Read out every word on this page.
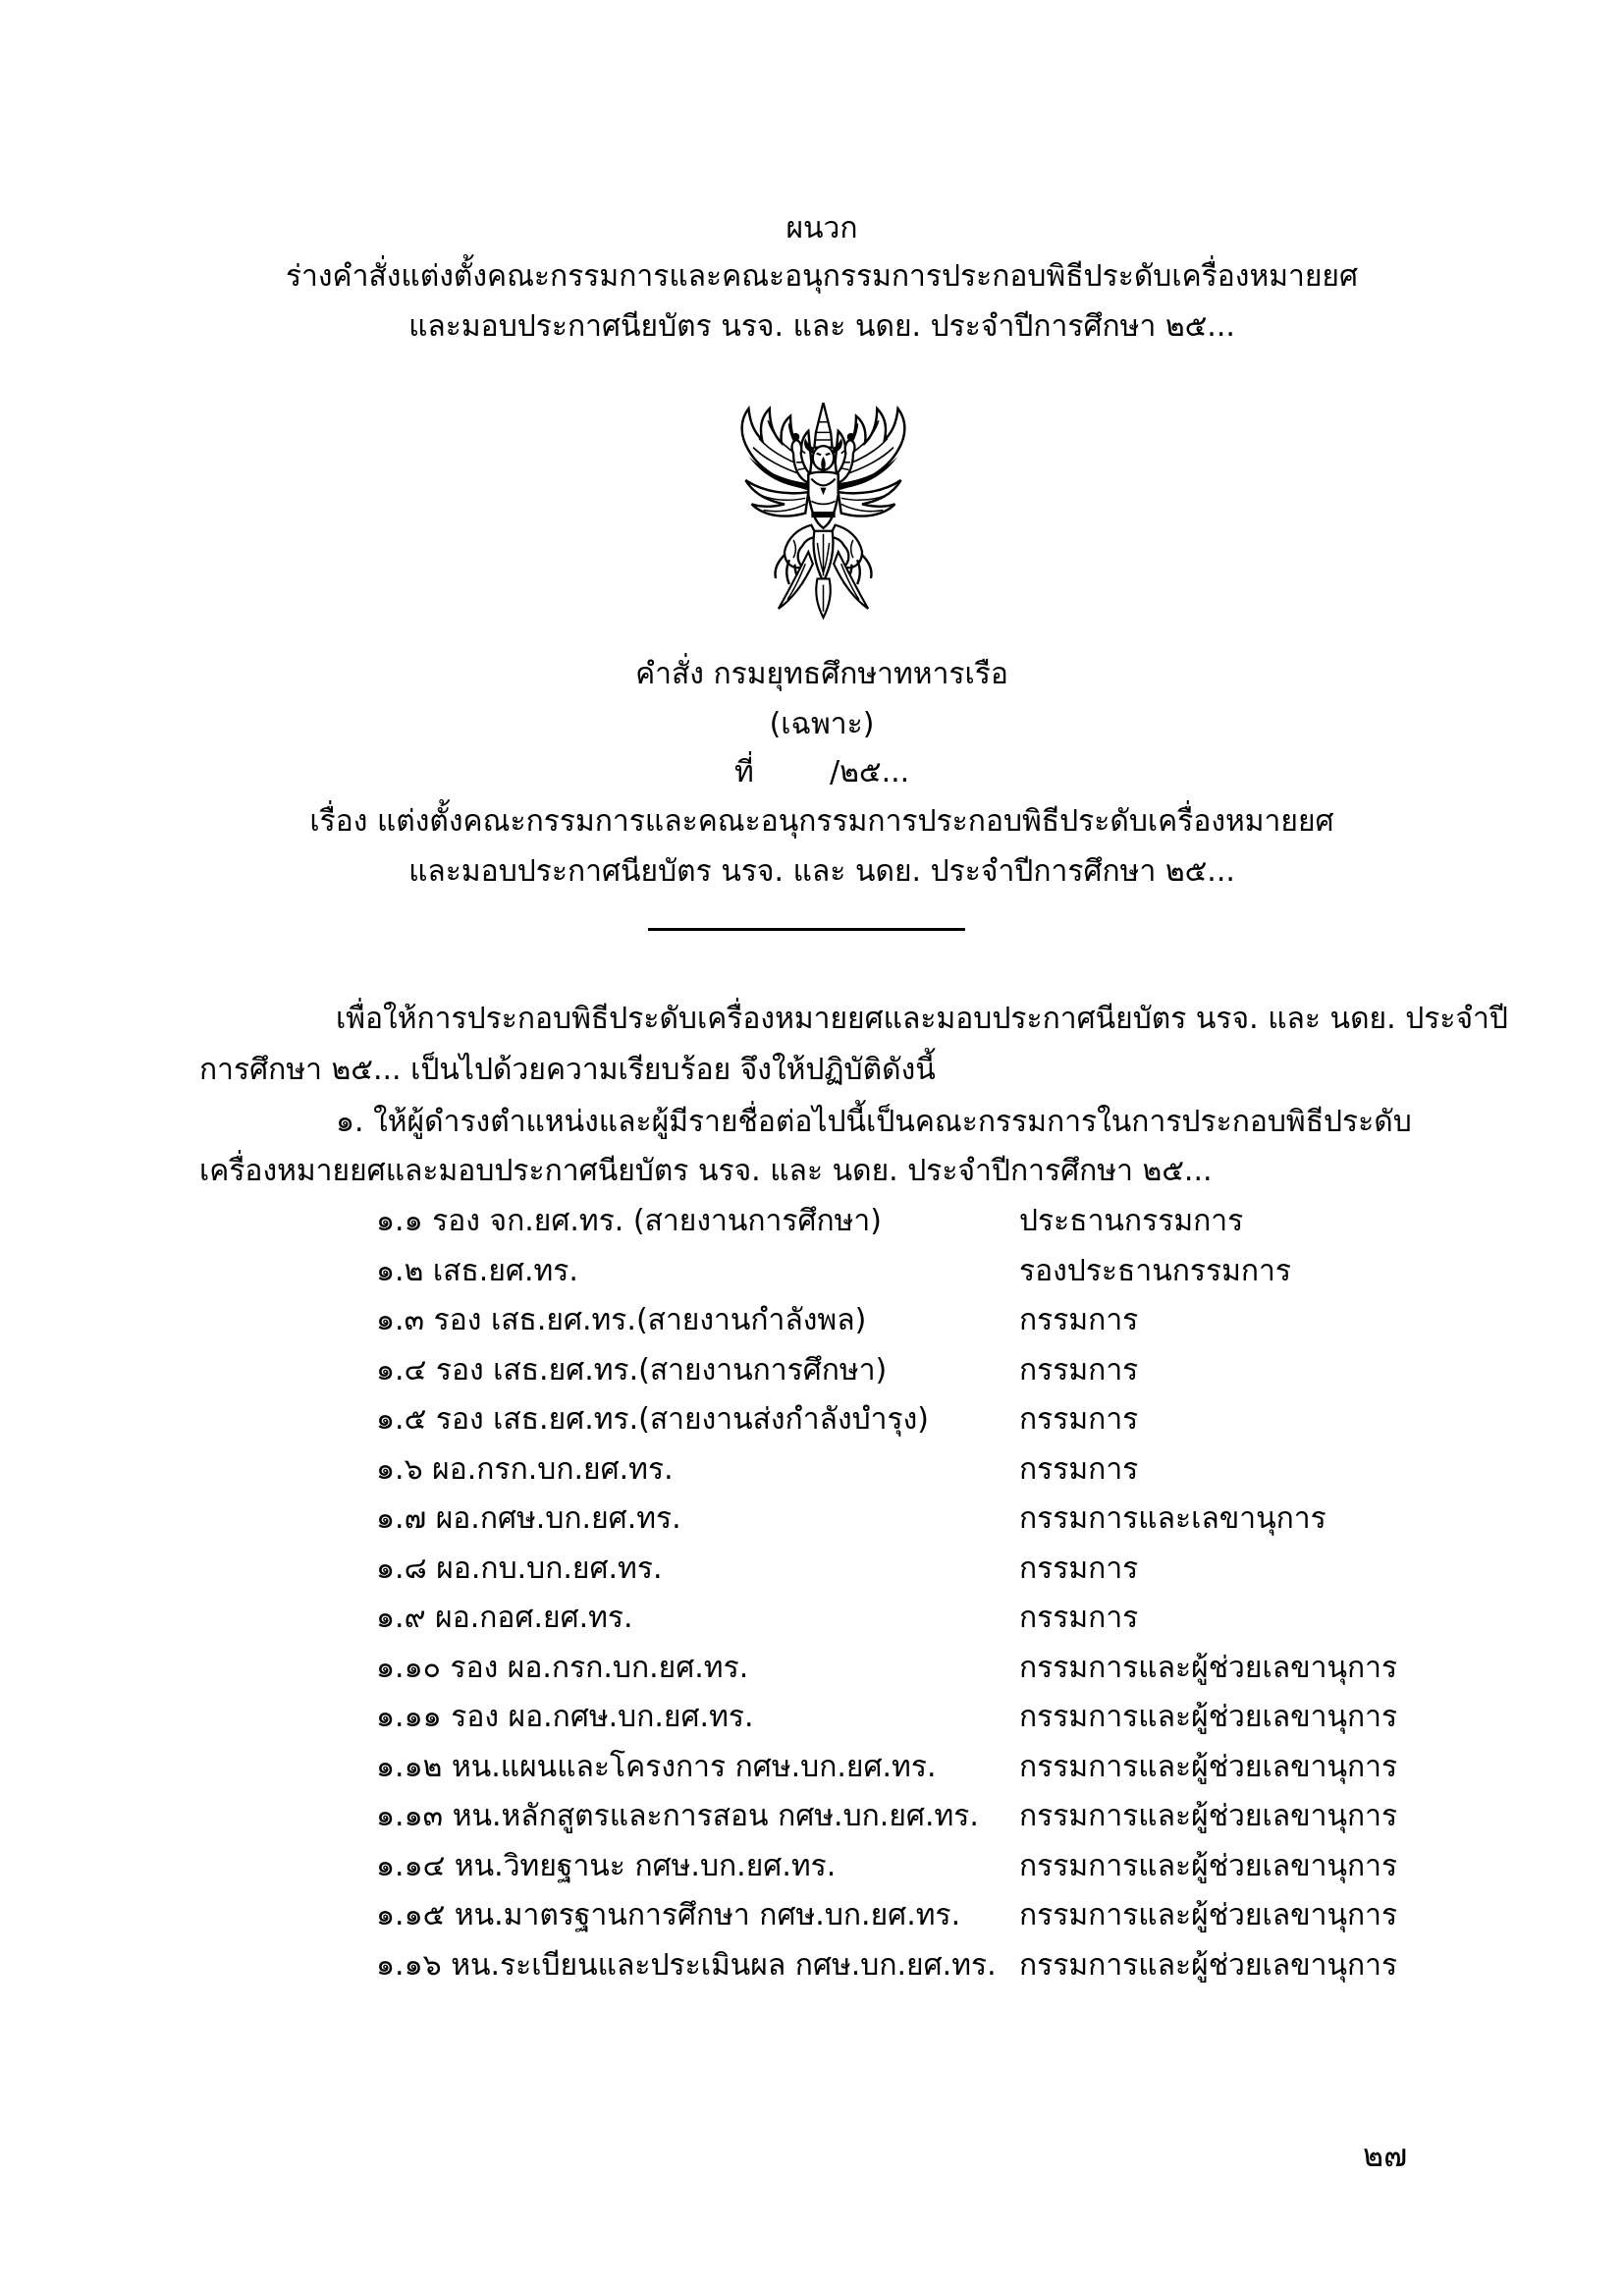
ผนวก
ร่างคำสั่งแต่งตั้งคณะกรรมการและคณะอนุกรรมการประกอบพิธีประดับเครื่องหมายยศ
และมอบประกาศนียบัตร นรจ. และ นดย. ประจำปีการศึกษา ๒๕...
คำสั่ง กรมยุทธศึกษาทหารเรือ
(เฉพาะ)
ที่	/๒๕...
เรื่อง แต่งตั้งคณะกรรมการและคณะอนุกรรมการประกอบพิธีประดับเครื่องหมายยศ
และมอบประกาศนียบัตร นรจ. และ นดย. ประจำปีการศึกษา ๒๕...
เพื่อให้การประกอบพิธีประดับเครื่องหมายยศและมอบประกาศนียบัตร นรจ. และ นดย. ประจำปี
การศึกษา ๒๕... เป็นไปด้วยความเรียบร้อย จึงให้ปฏิบัติดังนี้
๑. ให้ผู้ดำรงตำแหน่งและผู้มีรายชื่อต่อไปนี้เป็นคณะกรรมการในการประกอบพิธีประดับ
เครื่องหมายยศและมอบประกาศนียบัตร นรจ. และ นดย. ประจำปีการศึกษา ๒๕...
๑.๑ รอง จก.ยศ.ทร. (สายงานการศึกษา)	ประธานกรรมการ
๑.๒ เสธ.ยศ.ทร.	รองประธานกรรมการ
๑.๓ รอง เสธ.ยศ.ทร.(สายงานกำลังพล)	กรรมการ
๑.๔ รอง เสธ.ยศ.ทร.(สายงานการศึกษา)	กรรมการ
๑.๕ รอง เสธ.ยศ.ทร.(สายงานส่งกำลังบำรุง)	กรรมการ
๑.๖ ผอ.กรก.บก.ยศ.ทร.	กรรมการ
๑.๗ ผอ.กศษ.บก.ยศ.ทร.	กรรมการและเลขานุการ
๑.๘ ผอ.กบ.บก.ยศ.ทร.	กรรมการ
๑.๙ ผอ.กอศ.ยศ.ทร.	กรรมการ
๑.๑๐ รอง ผอ.กรก.บก.ยศ.ทร.	กรรมการและผู้ช่วยเลขานุการ
๑.๑๑ รอง ผอ.กศษ.บก.ยศ.ทร.	กรรมการและผู้ช่วยเลขานุการ
๑.๑๒ หน.แผนและโครงการ กศษ.บก.ยศ.ทร.	กรรมการและผู้ช่วยเลขานุการ
๑.๑๓ หน.หลักสูตรและการสอน กศษ.บก.ยศ.ทร. กรรมการและผู้ช่วยเลขานุการ
๑.๑๔ หน.วิทยฐานะ กศษ.บก.ยศ.ทร.	กรรมการและผู้ช่วยเลขานุการ
๑.๑๕ หน.มาตรฐานการศึกษา กศษ.บก.ยศ.ทร. กรรมการและผู้ช่วยเลขานุการ
๑.๑๖ หน.ระเบียนและประเมินผล กศษ.บก.ยศ.ทร. กรรมการและผู้ช่วยเลขานุการ
๒๗
